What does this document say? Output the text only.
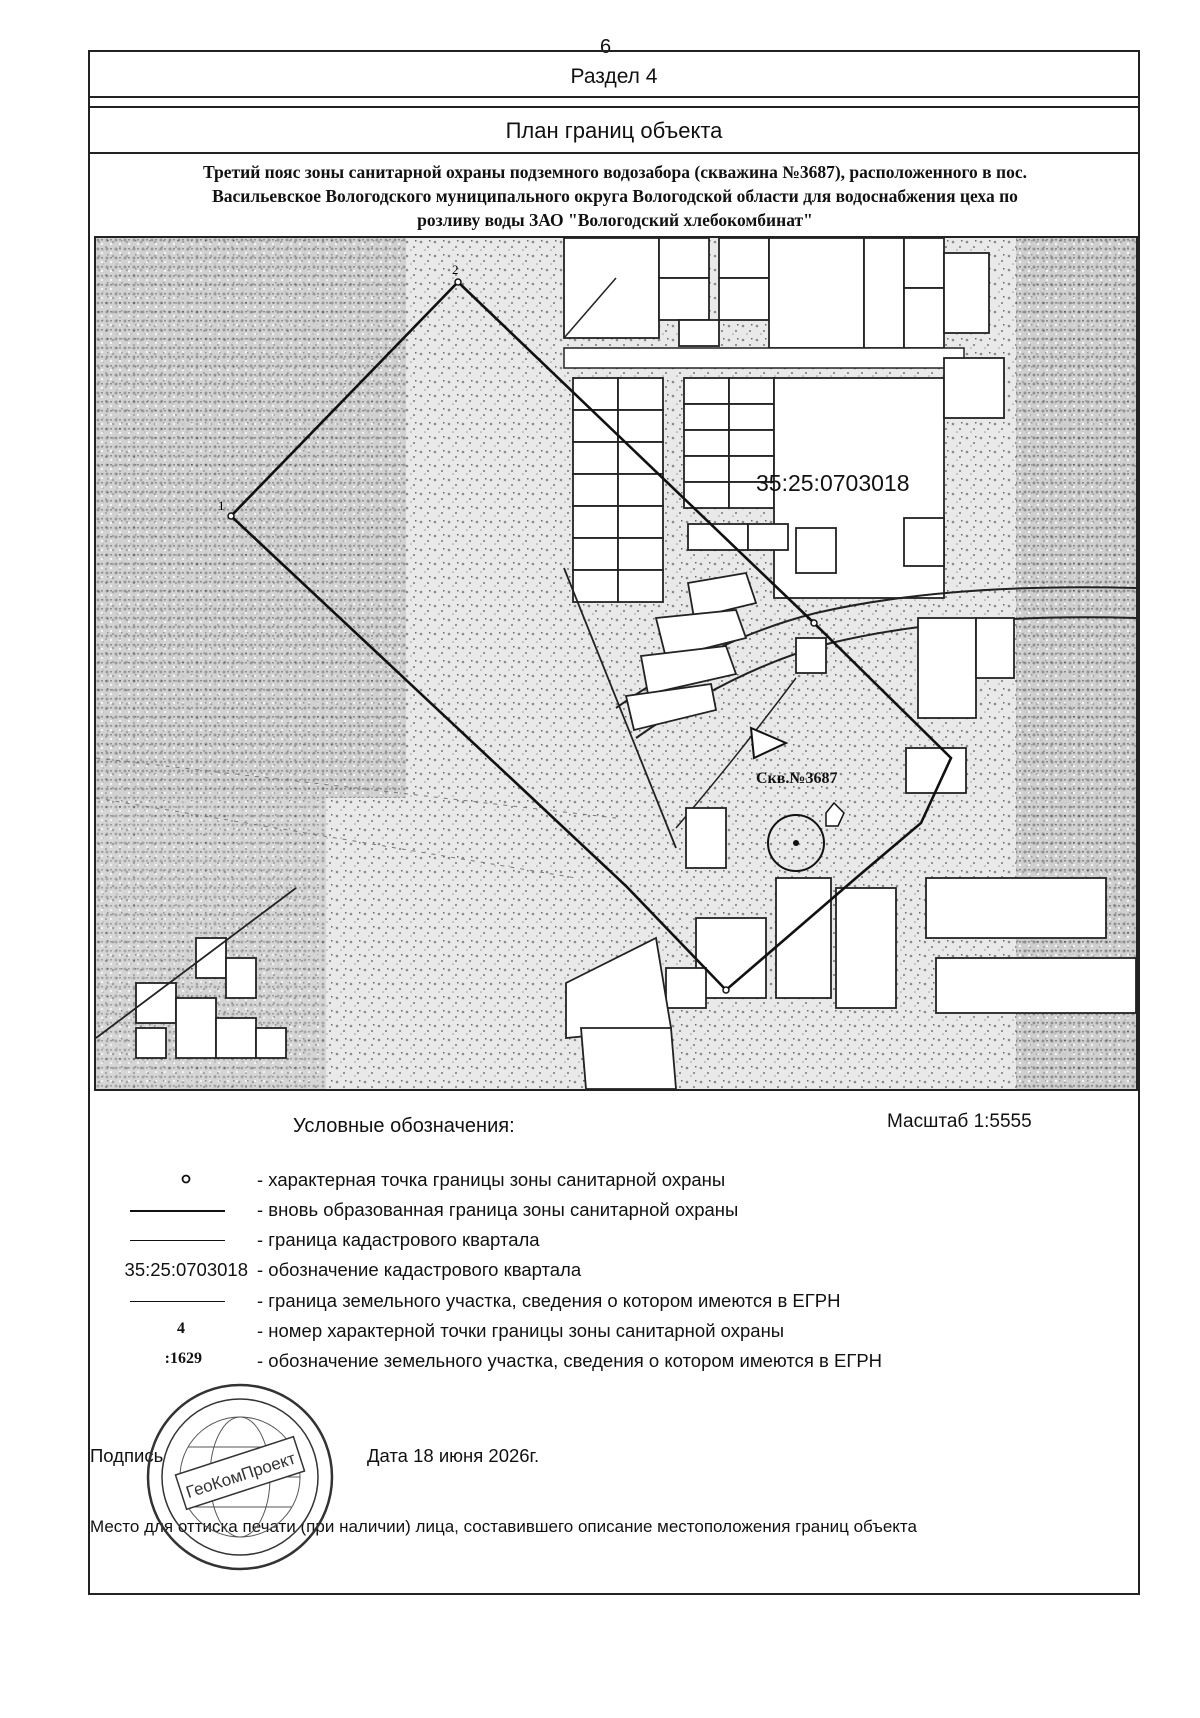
6
Раздел 4
План границ объекта
Третий пояс зоны санитарной охраны подземного водозабора (скважина №3687), расположенного в пос.
Васильевское Вологодского муниципального округа Вологодской области для водоснабжения цеха по
розливу воды ЗАО "Вологодский хлебокомбинат"
2
1
35:25:0703018
Скв.№3687
Условные обозначения:	Масштаб 1:5555
- характерная точка границы зоны санитарной охраны
- вновь образованная граница зоны санитарной охраны
- граница кадастрового квартала
35:25:0703018 - обозначение кадастрового квартала
- граница земельного участка, сведения о котором имеются в ЕГРН
4	- номер характерной точки границы зоны санитарной охраны
:1629	- обозначение земельного участка, сведения о котором имеются в ЕГРН
Подпись	Дата 18 июня 2026г.
Место для оттиска печати (при наличии) лица, составившего описание местоположения границ объекта
ГеоКомПроект
